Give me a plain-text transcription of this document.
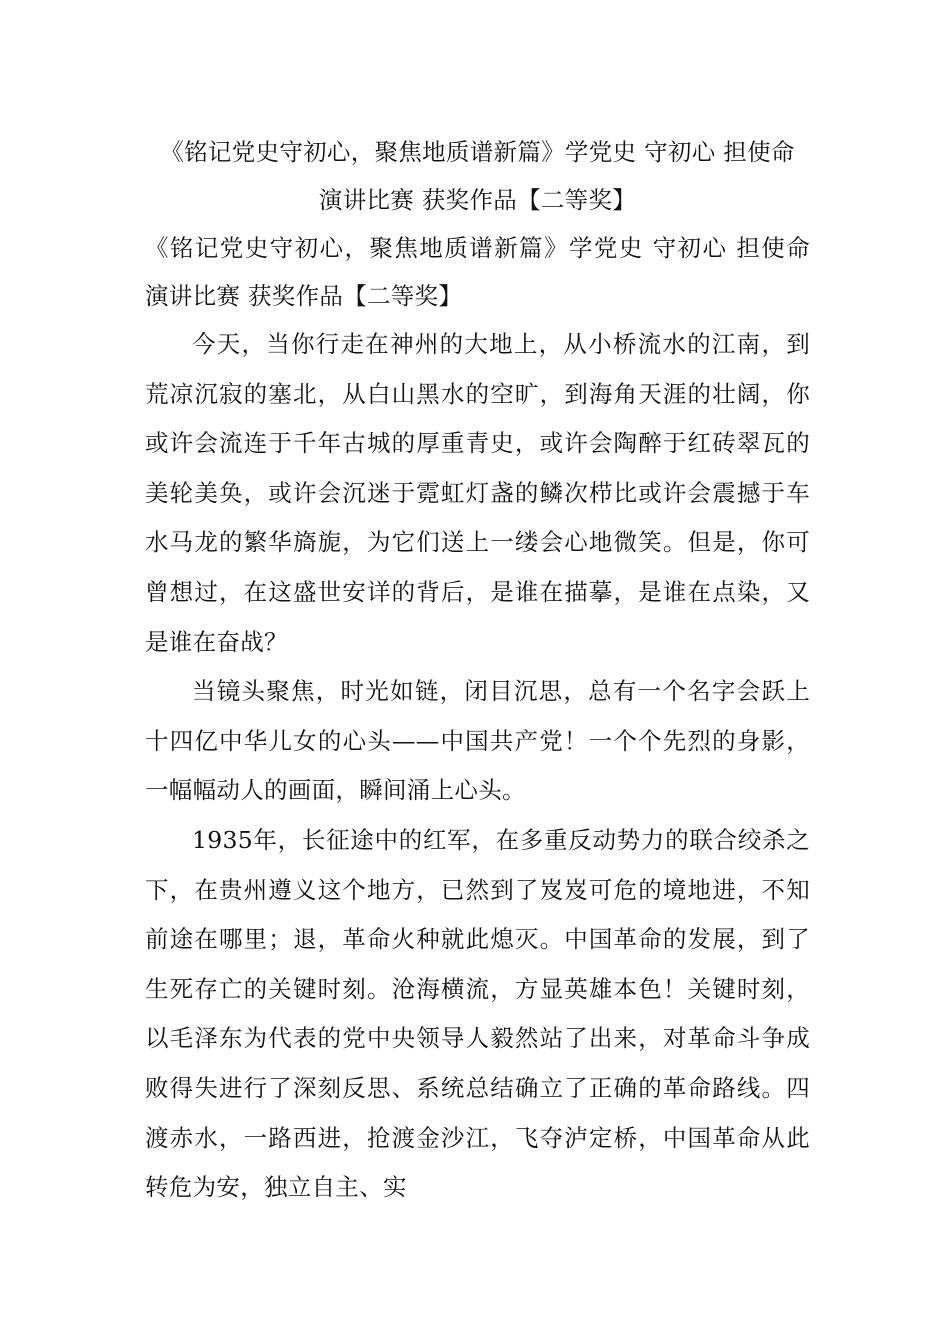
《铭记党史守初心，聚焦地质谱新篇》学党史 守初心 担使命 演讲比赛 获奖作品【二等奖】

《铭记党史守初心，聚焦地质谱新篇》学党史 守初心 担使命 演讲比赛 获奖作品【二等奖】

今天，当你行走在神州的大地上，从小桥流水的江南，到荒凉沉寂的塞北，从白山黑水的空旷，到海角天涯的壮阔，你或许会流连于千年古城的厚重青史，或许会陶醉于红砖翠瓦的美轮美奂，或许会沉迷于霓虹灯盏的鳞次栉比或许会震撼于车水马龙的繁华旖旎，为它们送上一缕会心地微笑。但是，你可曾想过，在这盛世安详的背后，是谁在描摹，是谁在点染，又是谁在奋战？

当镜头聚焦，时光如链，闭目沉思，总有一个名字会跃上十四亿中华儿女的心头——中国共产党！一个个先烈的身影，一幅幅动人的画面，瞬间涌上心头。

1935年，长征途中的红军，在多重反动势力的联合绞杀之下，在贵州遵义这个地方，已然到了岌岌可危的境地进，不知前途在哪里；退，革命火种就此熄灭。中国革命的发展，到了生死存亡的关键时刻。沧海横流，方显英雄本色！关键时刻，以毛泽东为代表的党中央领导人毅然站了出来，对革命斗争成败得失进行了深刻反思、系统总结确立了正确的革命路线。四渡赤水，一路西进，抢渡金沙江，飞夺泸定桥，中国革命从此转危为安，独立自主、实
